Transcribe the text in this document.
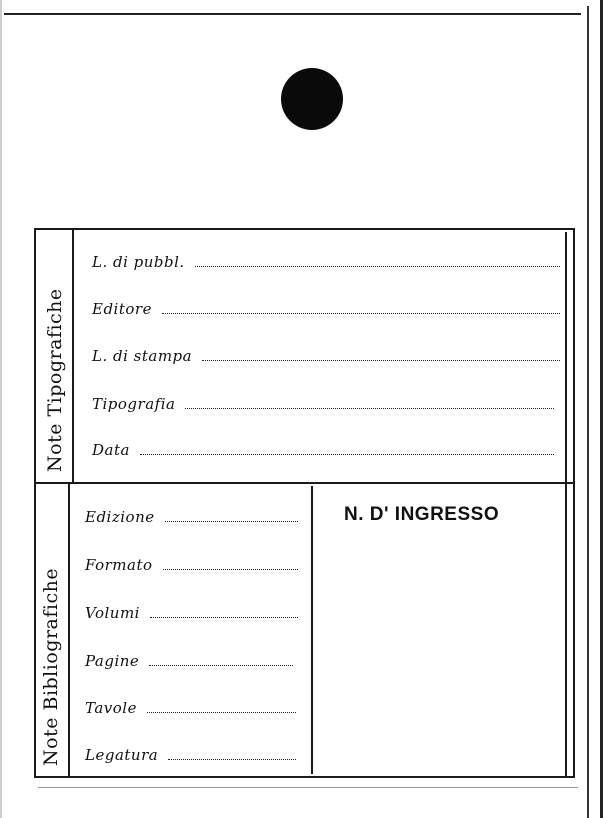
Note Tipografiche
Note Bibliografiche
L. di pubbl.
Editore
L. di stampa
Tipografia
Data
Edizione
Formato
Volumi
Pagine
Tavole
Legatura
N. D' INGRESSO
